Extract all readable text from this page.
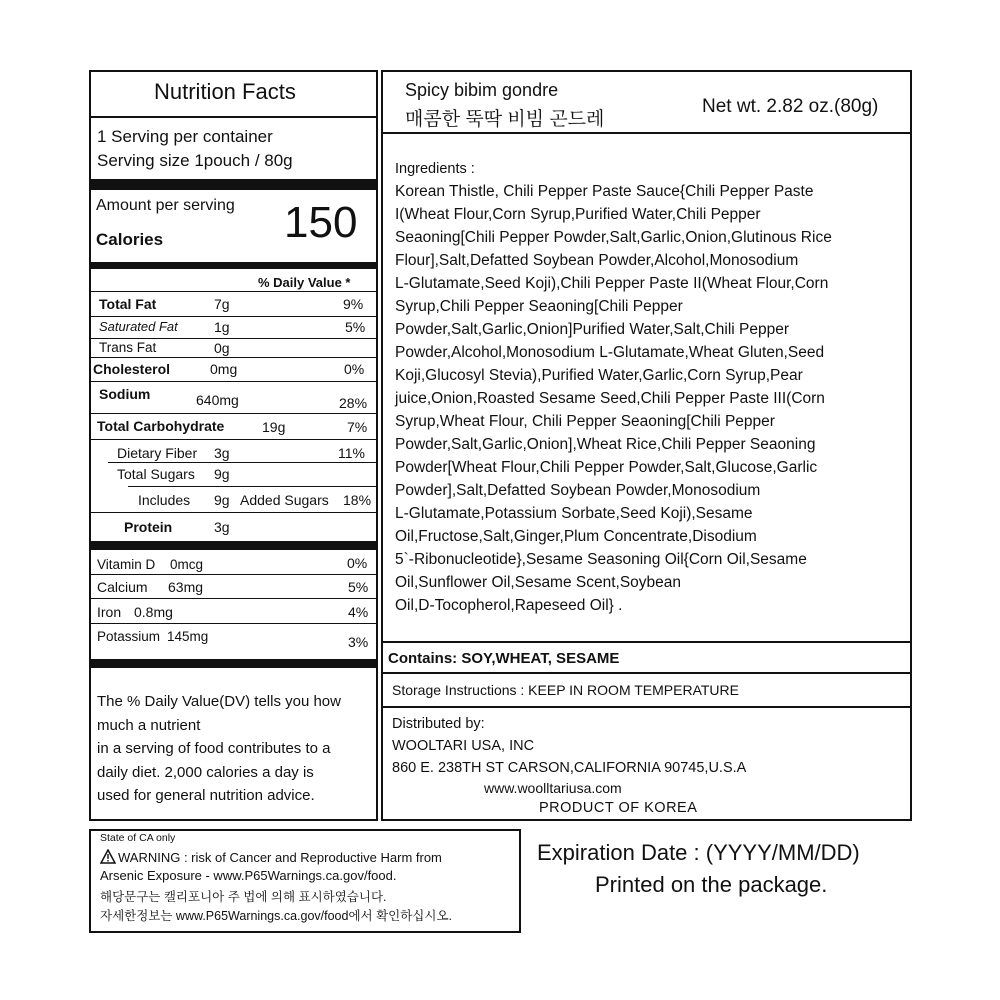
Nutrition Facts
1 Serving per container
Serving size 1pouch / 80g
Amount per serving
Calories	150
% Daily Value *
Total Fat	7g	9%
Saturated Fat	1g	5%
Trans Fat	0g
Cholesterol	0mg	0%
Sodium	640mg	28%
Total Carbohydrate	19g	7%
Dietary Fiber 3g	11%
Total Sugars 9g
Includes 9g Added Sugars 18%
Protein	3g
Vitamin D 0mcg	0%
Calcium 63mg	5%
Iron 0.8mg	4%
Potassium 145mg	3%
The % Daily Value(DV) tells you how
much a nutrient
in a serving of food contributes to a
daily diet. 2,000 calories a day is
used for general nutrition advice.
Spicy bibim gondre
매콤한 뚝딱 비빔 곤드레
Net wt. 2.82 oz.(80g)
Ingredients :
Korean Thistle, Chili Pepper Paste Sauce{Chili Pepper Paste
I(Wheat Flour,Corn Syrup,Purified Water,Chili Pepper
Seaoning[Chili Pepper Powder,Salt,Garlic,Onion,Glutinous Rice
Flour],Salt,Defatted Soybean Powder,Alcohol,Monosodium
L-Glutamate,Seed Koji),Chili Pepper Paste II(Wheat Flour,Corn
Syrup,Chili Pepper Seaoning[Chili Pepper
Powder,Salt,Garlic,Onion]Purified Water,Salt,Chili Pepper
Powder,Alcohol,Monosodium L-Glutamate,Wheat Gluten,Seed
Koji,Glucosyl Stevia),Purified Water,Garlic,Corn Syrup,Pear
juice,Onion,Roasted Sesame Seed,Chili Pepper Paste III(Corn
Syrup,Wheat Flour, Chili Pepper Seaoning[Chili Pepper
Powder,Salt,Garlic,Onion],Wheat Rice,Chili Pepper Seaoning
Powder[Wheat Flour,Chili Pepper Powder,Salt,Glucose,Garlic
Powder],Salt,Defatted Soybean Powder,Monosodium
L-Glutamate,Potassium Sorbate,Seed Koji),Sesame
Oil,Fructose,Salt,Ginger,Plum Concentrate,Disodium
5`-Ribonucleotide},Sesame Seasoning Oil{Corn Oil,Sesame
Oil,Sunflower Oil,Sesame Scent,Soybean
Oil,D-Tocopherol,Rapeseed Oil} .
Contains: SOY,WHEAT, SESAME
Storage Instructions : KEEP IN ROOM TEMPERATURE
Distributed by:
WOOLTARI USA, INC
860 E. 238TH ST CARSON,CALIFORNIA 90745,U.S.A
www.woolltariusa.com
PRODUCT OF KOREA
State of CA only
WARNING : risk of Cancer and Reproductive Harm from
Arsenic Exposure - www.P65Warnings.ca.gov/food.
해당문구는 캘리포니아 주 법에 의해 표시하였습니다.
자세한정보는 www.P65Warnings.ca.gov/food에서 확인하십시오.
Expiration Date : (YYYY/MM/DD)
Printed on the package.
